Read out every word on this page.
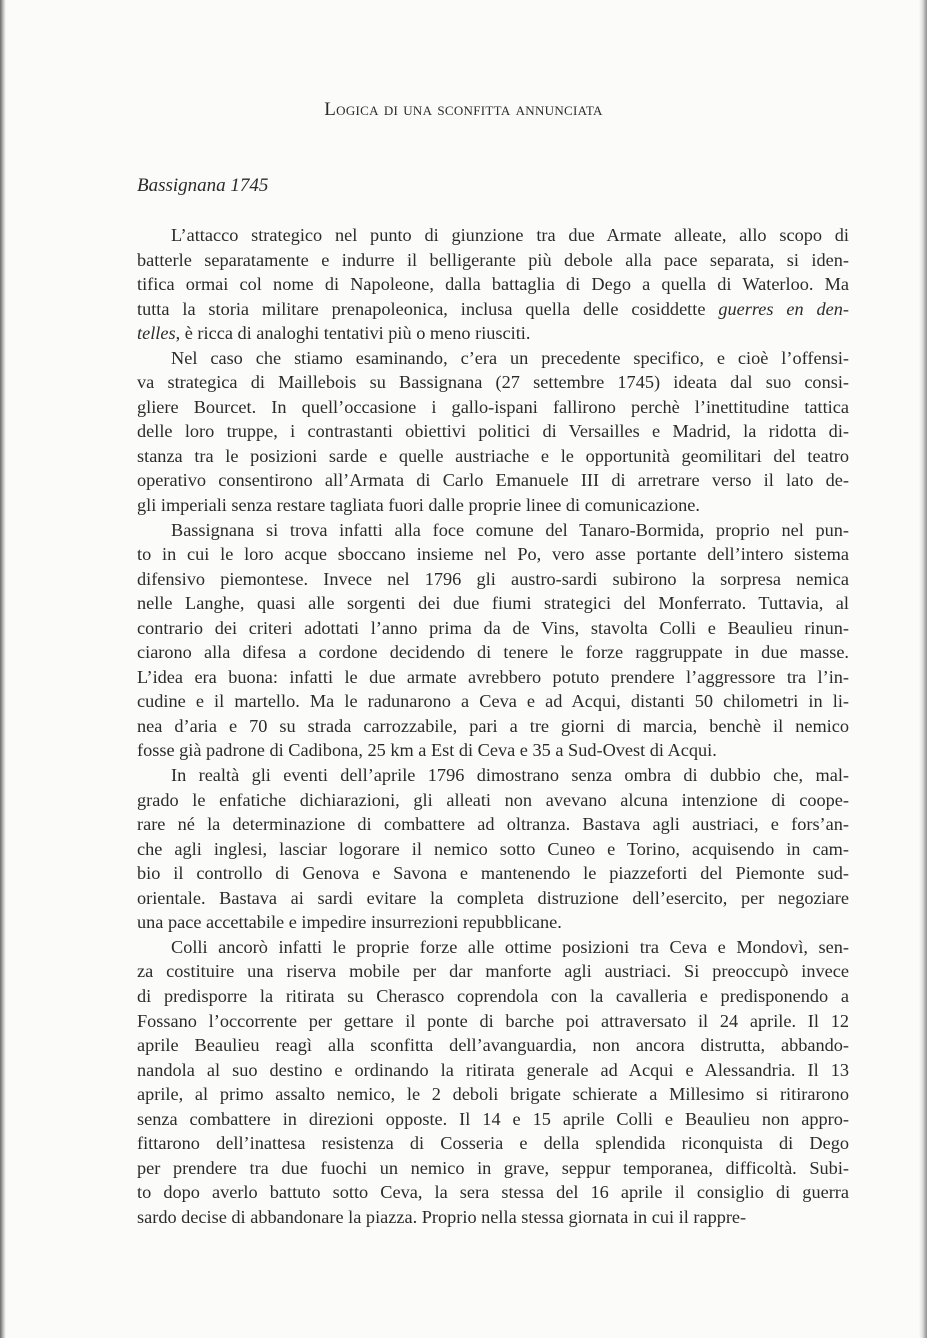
Logica di una sconfitta annunciata
Bassignana 1745
L’attacco strategico nel punto di giunzione tra due Armate alleate, allo scopo di
batterle separatamente e indurre il belligerante più debole alla pace separata, si iden-
tifica ormai col nome di Napoleone, dalla battaglia di Dego a quella di Waterloo. Ma
tutta la storia militare prenapoleonica, inclusa quella delle cosiddette guerres en den-
telles, è ricca di analoghi tentativi più o meno riusciti.
Nel caso che stiamo esaminando, c’era un precedente specifico, e cioè l’offensi-
va strategica di Maillebois su Bassignana (27 settembre 1745) ideata dal suo consi-
gliere Bourcet. In quell’occasione i gallo-ispani fallirono perchè l’inettitudine tattica
delle loro truppe, i contrastanti obiettivi politici di Versailles e Madrid, la ridotta di-
stanza tra le posizioni sarde e quelle austriache e le opportunità geomilitari del teatro
operativo consentirono all’Armata di Carlo Emanuele III di arretrare verso il lato de-
gli imperiali senza restare tagliata fuori dalle proprie linee di comunicazione.
Bassignana si trova infatti alla foce comune del Tanaro-Bormida, proprio nel pun-
to in cui le loro acque sboccano insieme nel Po, vero asse portante dell’intero sistema
difensivo piemontese. Invece nel 1796 gli austro-sardi subirono la sorpresa nemica
nelle Langhe, quasi alle sorgenti dei due fiumi strategici del Monferrato. Tuttavia, al
contrario dei criteri adottati l’anno prima da de Vins, stavolta Colli e Beaulieu rinun-
ciarono alla difesa a cordone decidendo di tenere le forze raggruppate in due masse.
L’idea era buona: infatti le due armate avrebbero potuto prendere l’aggressore tra l’in-
cudine e il martello. Ma le radunarono a Ceva e ad Acqui, distanti 50 chilometri in li-
nea d’aria e 70 su strada carrozzabile, pari a tre giorni di marcia, benchè il nemico
fosse già padrone di Cadibona, 25 km a Est di Ceva e 35 a Sud-Ovest di Acqui.
In realtà gli eventi dell’aprile 1796 dimostrano senza ombra di dubbio che, mal-
grado le enfatiche dichiarazioni, gli alleati non avevano alcuna intenzione di coope-
rare né la determinazione di combattere ad oltranza. Bastava agli austriaci, e fors’an-
che agli inglesi, lasciar logorare il nemico sotto Cuneo e Torino, acquisendo in cam-
bio il controllo di Genova e Savona e mantenendo le piazzeforti del Piemonte sud-
orientale. Bastava ai sardi evitare la completa distruzione dell’esercito, per negoziare
una pace accettabile e impedire insurrezioni repubblicane.
Colli ancorò infatti le proprie forze alle ottime posizioni tra Ceva e Mondovì, sen-
za costituire una riserva mobile per dar manforte agli austriaci. Si preoccupò invece
di predisporre la ritirata su Cherasco coprendola con la cavalleria e predisponendo a
Fossano l’occorrente per gettare il ponte di barche poi attraversato il 24 aprile. Il 12
aprile Beaulieu reagì alla sconfitta dell’avanguardia, non ancora distrutta, abbando-
nandola al suo destino e ordinando la ritirata generale ad Acqui e Alessandria. Il 13
aprile, al primo assalto nemico, le 2 deboli brigate schierate a Millesimo si ritirarono
senza combattere in direzioni opposte. Il 14 e 15 aprile Colli e Beaulieu non appro-
fittarono dell’inattesa resistenza di Cosseria e della splendida riconquista di Dego
per prendere tra due fuochi un nemico in grave, seppur temporanea, difficoltà. Subi-
to dopo averlo battuto sotto Ceva, la sera stessa del 16 aprile il consiglio di guerra
sardo decise di abbandonare la piazza. Proprio nella stessa giornata in cui il rappre-
